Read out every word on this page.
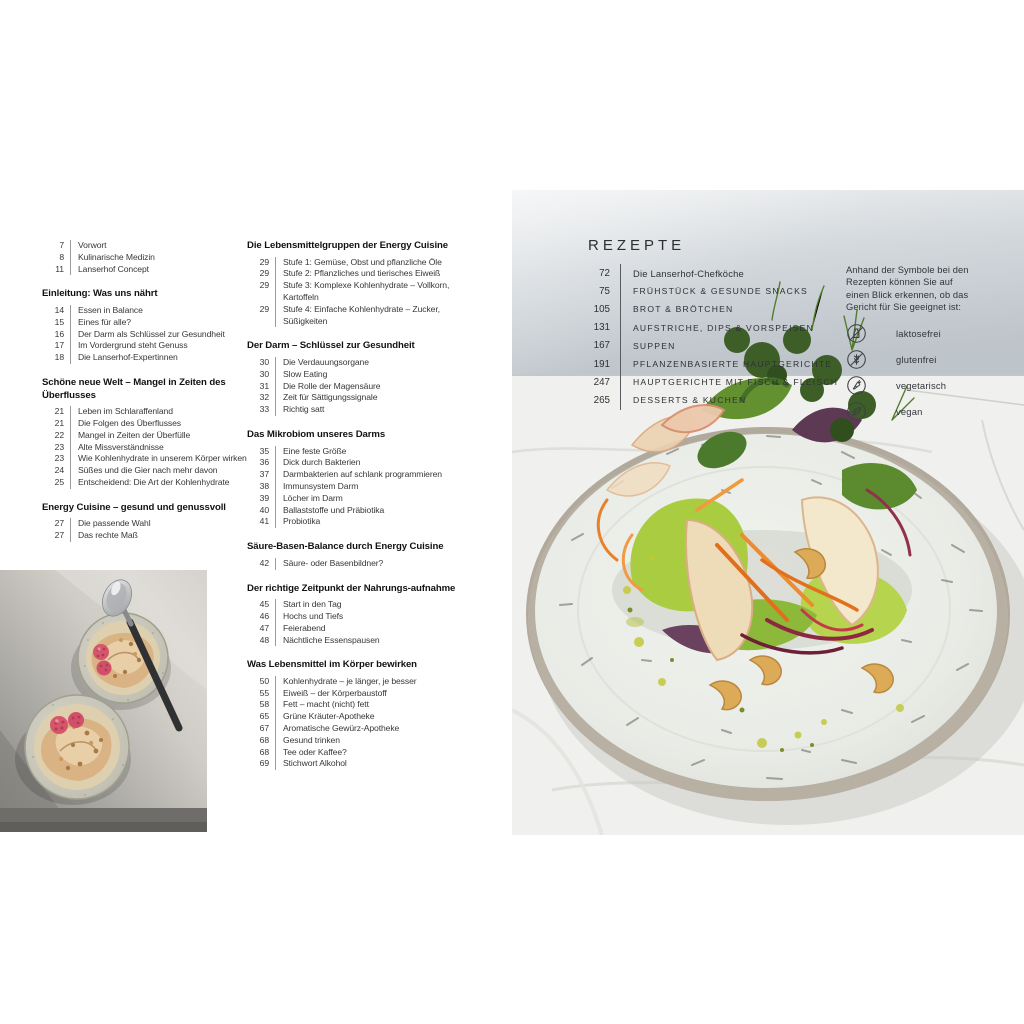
7 Vorwort
8 Kulinarische Medizin
11 Lanserhof Concept
Einleitung: Was uns nährt
14 Essen in Balance
15 Eines für alle?
16 Der Darm als Schlüssel zur Gesundheit
17 Im Vordergrund steht Genuss
18 Die Lanserhof-Expertinnen
Schöne neue Welt – Mangel in Zeiten des Überflusses
21 Leben im Schlaraffenland
21 Die Folgen des Überflusses
22 Mangel in Zeiten der Überfülle
23 Alte Missverständnisse
23 Wie Kohlenhydrate in unserem Körper wirken
24 Süßes und die Gier nach mehr davon
25 Entscheidend: Die Art der Kohlenhydrate
Energy Cuisine – gesund und genussvoll
27 Die passende Wahl
27 Das rechte Maß
Die Lebensmittelgruppen der Energy Cuisine
29 Stufe 1: Gemüse, Obst und pflanzliche Öle
29 Stufe 2: Pflanzliches und tierisches Eiweiß
29 Stufe 3: Komplexe Kohlenhydrate – Vollkorn, Kartoffeln
29 Stufe 4: Einfache Kohlenhydrate – Zucker, Süßigkeiten
Der Darm – Schlüssel zur Gesundheit
30 Die Verdauungsorgane
30 Slow Eating
31 Die Rolle der Magensäure
32 Zeit für Sättigungssignale
33 Richtig satt
Das Mikrobiom unseres Darms
35 Eine feste Größe
36 Dick durch Bakterien
37 Darmbakterien auf schlank programmieren
38 Immunsystem Darm
39 Löcher im Darm
40 Ballaststoffe und Präbiotika
41 Probiotika
Säure-Basen-Balance durch Energy Cuisine
42 Säure- oder Basenbildner?
Der richtige Zeitpunkt der Nahrungs-aufnahme
45 Start in den Tag
46 Hochs und Tiefs
47 Feierabend
48 Nächtliche Essenspausen
Was Lebensmittel im Körper bewirken
50 Kohlenhydrate – je länger, je besser
55 Eiweiß – der Körperbaustoff
58 Fett – macht (nicht) fett
65 Grüne Kräuter-Apotheke
67 Aromatische Gewürz-Apotheke
68 Gesund trinken
68 Tee oder Kaffee?
69 Stichwort Alkohol
REZEPTE
72	Die Lanserhof-Chefköche
75	FRÜHSTÜCK & GESUNDE SNACKS
105	BROT & BRÖTCHEN
131	AUFSTRICHE, DIPS & VORSPEISEN
167	SUPPEN
191	PFLANZENBASIERTE HAUPTGERICHTE
247	HAUPTGERICHTE MIT FISCH & FLEISCH
265	DESSERTS & KUCHEN

Anhand der Symbole bei den Rezepten können Sie auf einen Blick erkennen, ob das Gericht für Sie geeignet ist:

laktosefrei
glutenfrei
vegetarisch
vegan
